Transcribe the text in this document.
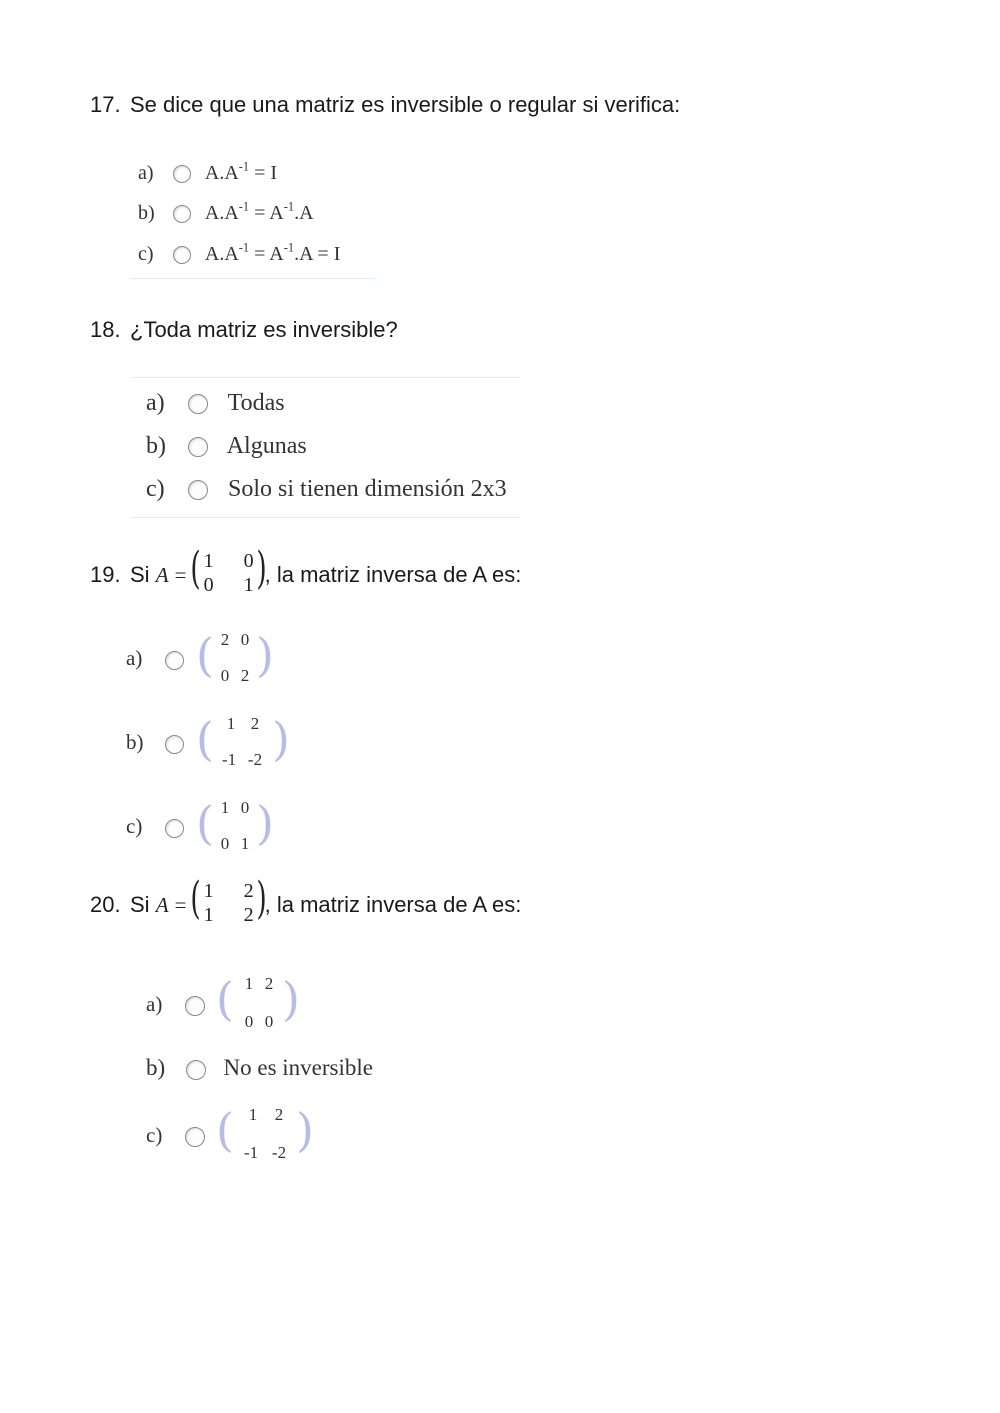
17. Se dice que una matriz es inversible o regular si verifica:
a)	$A.A^{-1} = I$
b)	$A.A^{-1} = A^{-1}.A$
c)	$A.A^{-1} = A^{-1}.A = I$
18. ¿Toda matriz es inversible?
a)	Todas
b)	Algunas
c)	Solo si tienen dimensión 2x3
19. Si A = ( 1 0
0 1 )
, la matriz inversa de A es:
a)	( 2 0
0 2 )
b)	( 1 2
-1 -2 )
c)	( 1 0
0 1 )
20. Si A = ( 1 2
1 2 )
, la matriz inversa de A es:
a)	( 1 2
0 0 )
b)	No es inversible
c)	( 1	2
-1 -2 )
